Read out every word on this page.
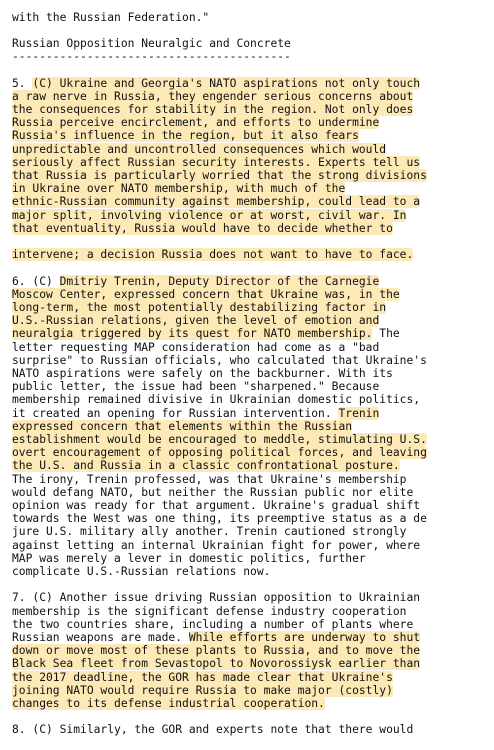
with the Russian Federation."
Russian Opposition Neuralgic and Concrete
-----------------------------------------
5. (C) Ukraine and Georgia's NATO aspirations not only touch
a raw nerve in Russia, they engender serious concerns about
the consequences for stability in the region. Not only does
Russia perceive encirclement, and efforts to undermine
Russia's influence in the region, but it also fears
unpredictable and uncontrolled consequences which would
seriously affect Russian security interests. Experts tell us
that Russia is particularly worried that the strong divisions
in Ukraine over NATO membership, with much of the
ethnic-Russian community against membership, could lead to a
major split, involving violence or at worst, civil war. In
that eventuality, Russia would have to decide whether to
intervene; a decision Russia does not want to have to face.
6. (C) Dmitriy Trenin, Deputy Director of the Carnegie
Moscow Center, expressed concern that Ukraine was, in the
long-term, the most potentially destabilizing factor in
U.S.-Russian relations, given the level of emotion and
neuralgia triggered by its quest for NATO membership. The
letter requesting MAP consideration had come as a "bad
surprise" to Russian officials, who calculated that Ukraine's
NATO aspirations were safely on the backburner. With its
public letter, the issue had been "sharpened." Because
membership remained divisive in Ukrainian domestic politics,
it created an opening for Russian intervention. Trenin
expressed concern that elements within the Russian
establishment would be encouraged to meddle, stimulating U.S.
overt encouragement of opposing political forces, and leaving
the U.S. and Russia in a classic confrontational posture.
The irony, Trenin professed, was that Ukraine's membership
would defang NATO, but neither the Russian public nor elite
opinion was ready for that argument. Ukraine's gradual shift
towards the West was one thing, its preemptive status as a de
jure U.S. military ally another. Trenin cautioned strongly
against letting an internal Ukrainian fight for power, where
MAP was merely a lever in domestic politics, further
complicate U.S.-Russian relations now.
7. (C) Another issue driving Russian opposition to Ukrainian
membership is the significant defense industry cooperation
the two countries share, including a number of plants where
Russian weapons are made. While efforts are underway to shut
down or move most of these plants to Russia, and to move the
Black Sea fleet from Sevastopol to Novorossiysk earlier than
the 2017 deadline, the GOR has made clear that Ukraine's
joining NATO would require Russia to make major (costly)
changes to its defense industrial cooperation.
8. (C) Similarly, the GOR and experts note that there would
